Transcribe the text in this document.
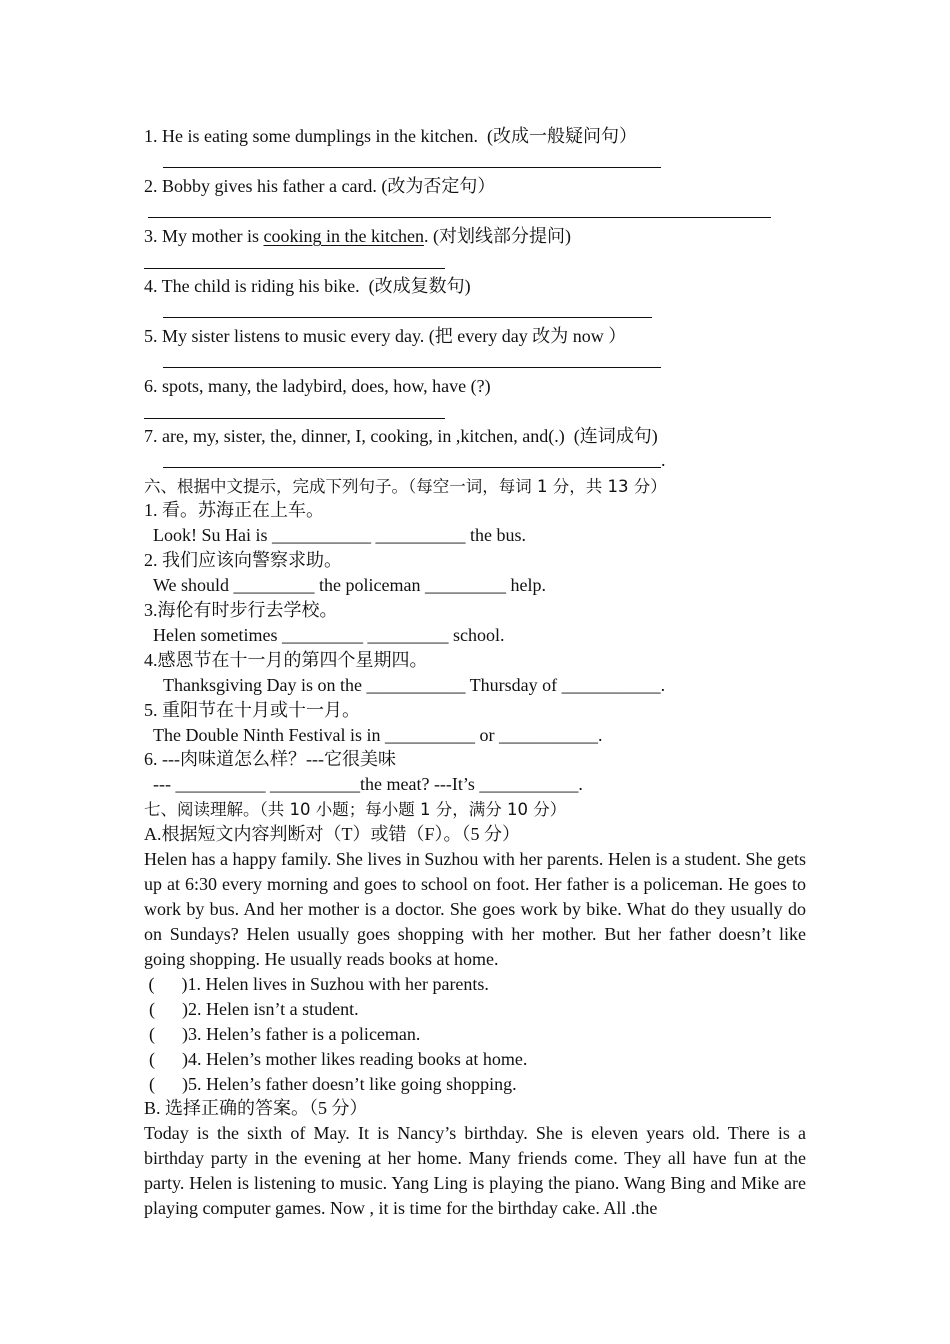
1. He is eating some dumplings in the kitchen.  (改成一般疑问句）
2. Bobby gives his father a card. (改为否定句）
3. My mother is cooking in the kitchen. (对划线部分提问)
4. The child is riding his bike.  (改成复数句)
5. My sister listens to music every day. (把 every day 改为 now ）
6. spots, many, the ladybird, does, how, have (?)
7. are, my, sister, the, dinner, I, cooking, in ,kitchen, and(.)  (连词成句)
.
六、根据中文提示，完成下列句子。（每空一词，每词 1 分，共 13 分）
1. 看。苏海正在上车。
Look! Su Hai is ___________ __________ the bus.
2. 我们应该向警察求助。
We should _________ the policeman _________ help.
3.海伦有时步行去学校。
Helen sometimes _________ _________ school.
4.感恩节在十一月的第四个星期四。
Thanksgiving Day is on the ___________ Thursday of ___________.
5. 重阳节在十月或十一月。
The Double Ninth Festival is in __________ or ___________.
6. ---肉味道怎么样？---它很美味
--- __________ __________the meat? ---It’s ___________.
七、阅读理解。（共 10 小题；每小题 1 分，满分 10 分）
A.根据短文内容判断对（T）或错（F）。（5 分）
Helen has a happy family. She lives in Suzhou with her parents. Helen is a student. She gets up at 6:30 every morning and goes to school on foot. Her father is a policeman. He goes to work by bus. And her mother is a doctor. She goes work by bike. What do they usually do on Sundays? Helen usually goes shopping with her mother. But her father doesn’t like going shopping. He usually reads books at home.
(      )1. Helen lives in Suzhou with her parents.
(      )2. Helen isn’t a student.
(      )3. Helen’s father is a policeman.
(      )4. Helen’s mother likes reading books at home.
(      )5. Helen’s father doesn’t like going shopping.
B. 选择正确的答案。（5 分）
Today is the sixth of May. It is Nancy’s birthday. She is eleven years old. There is a birthday party in the evening at her home. Many friends come. They all have fun at the party. Helen is listening to music. Yang Ling is playing the piano. Wang Bing and Mike are playing computer games. Now , it is time for the birthday cake. All .the
